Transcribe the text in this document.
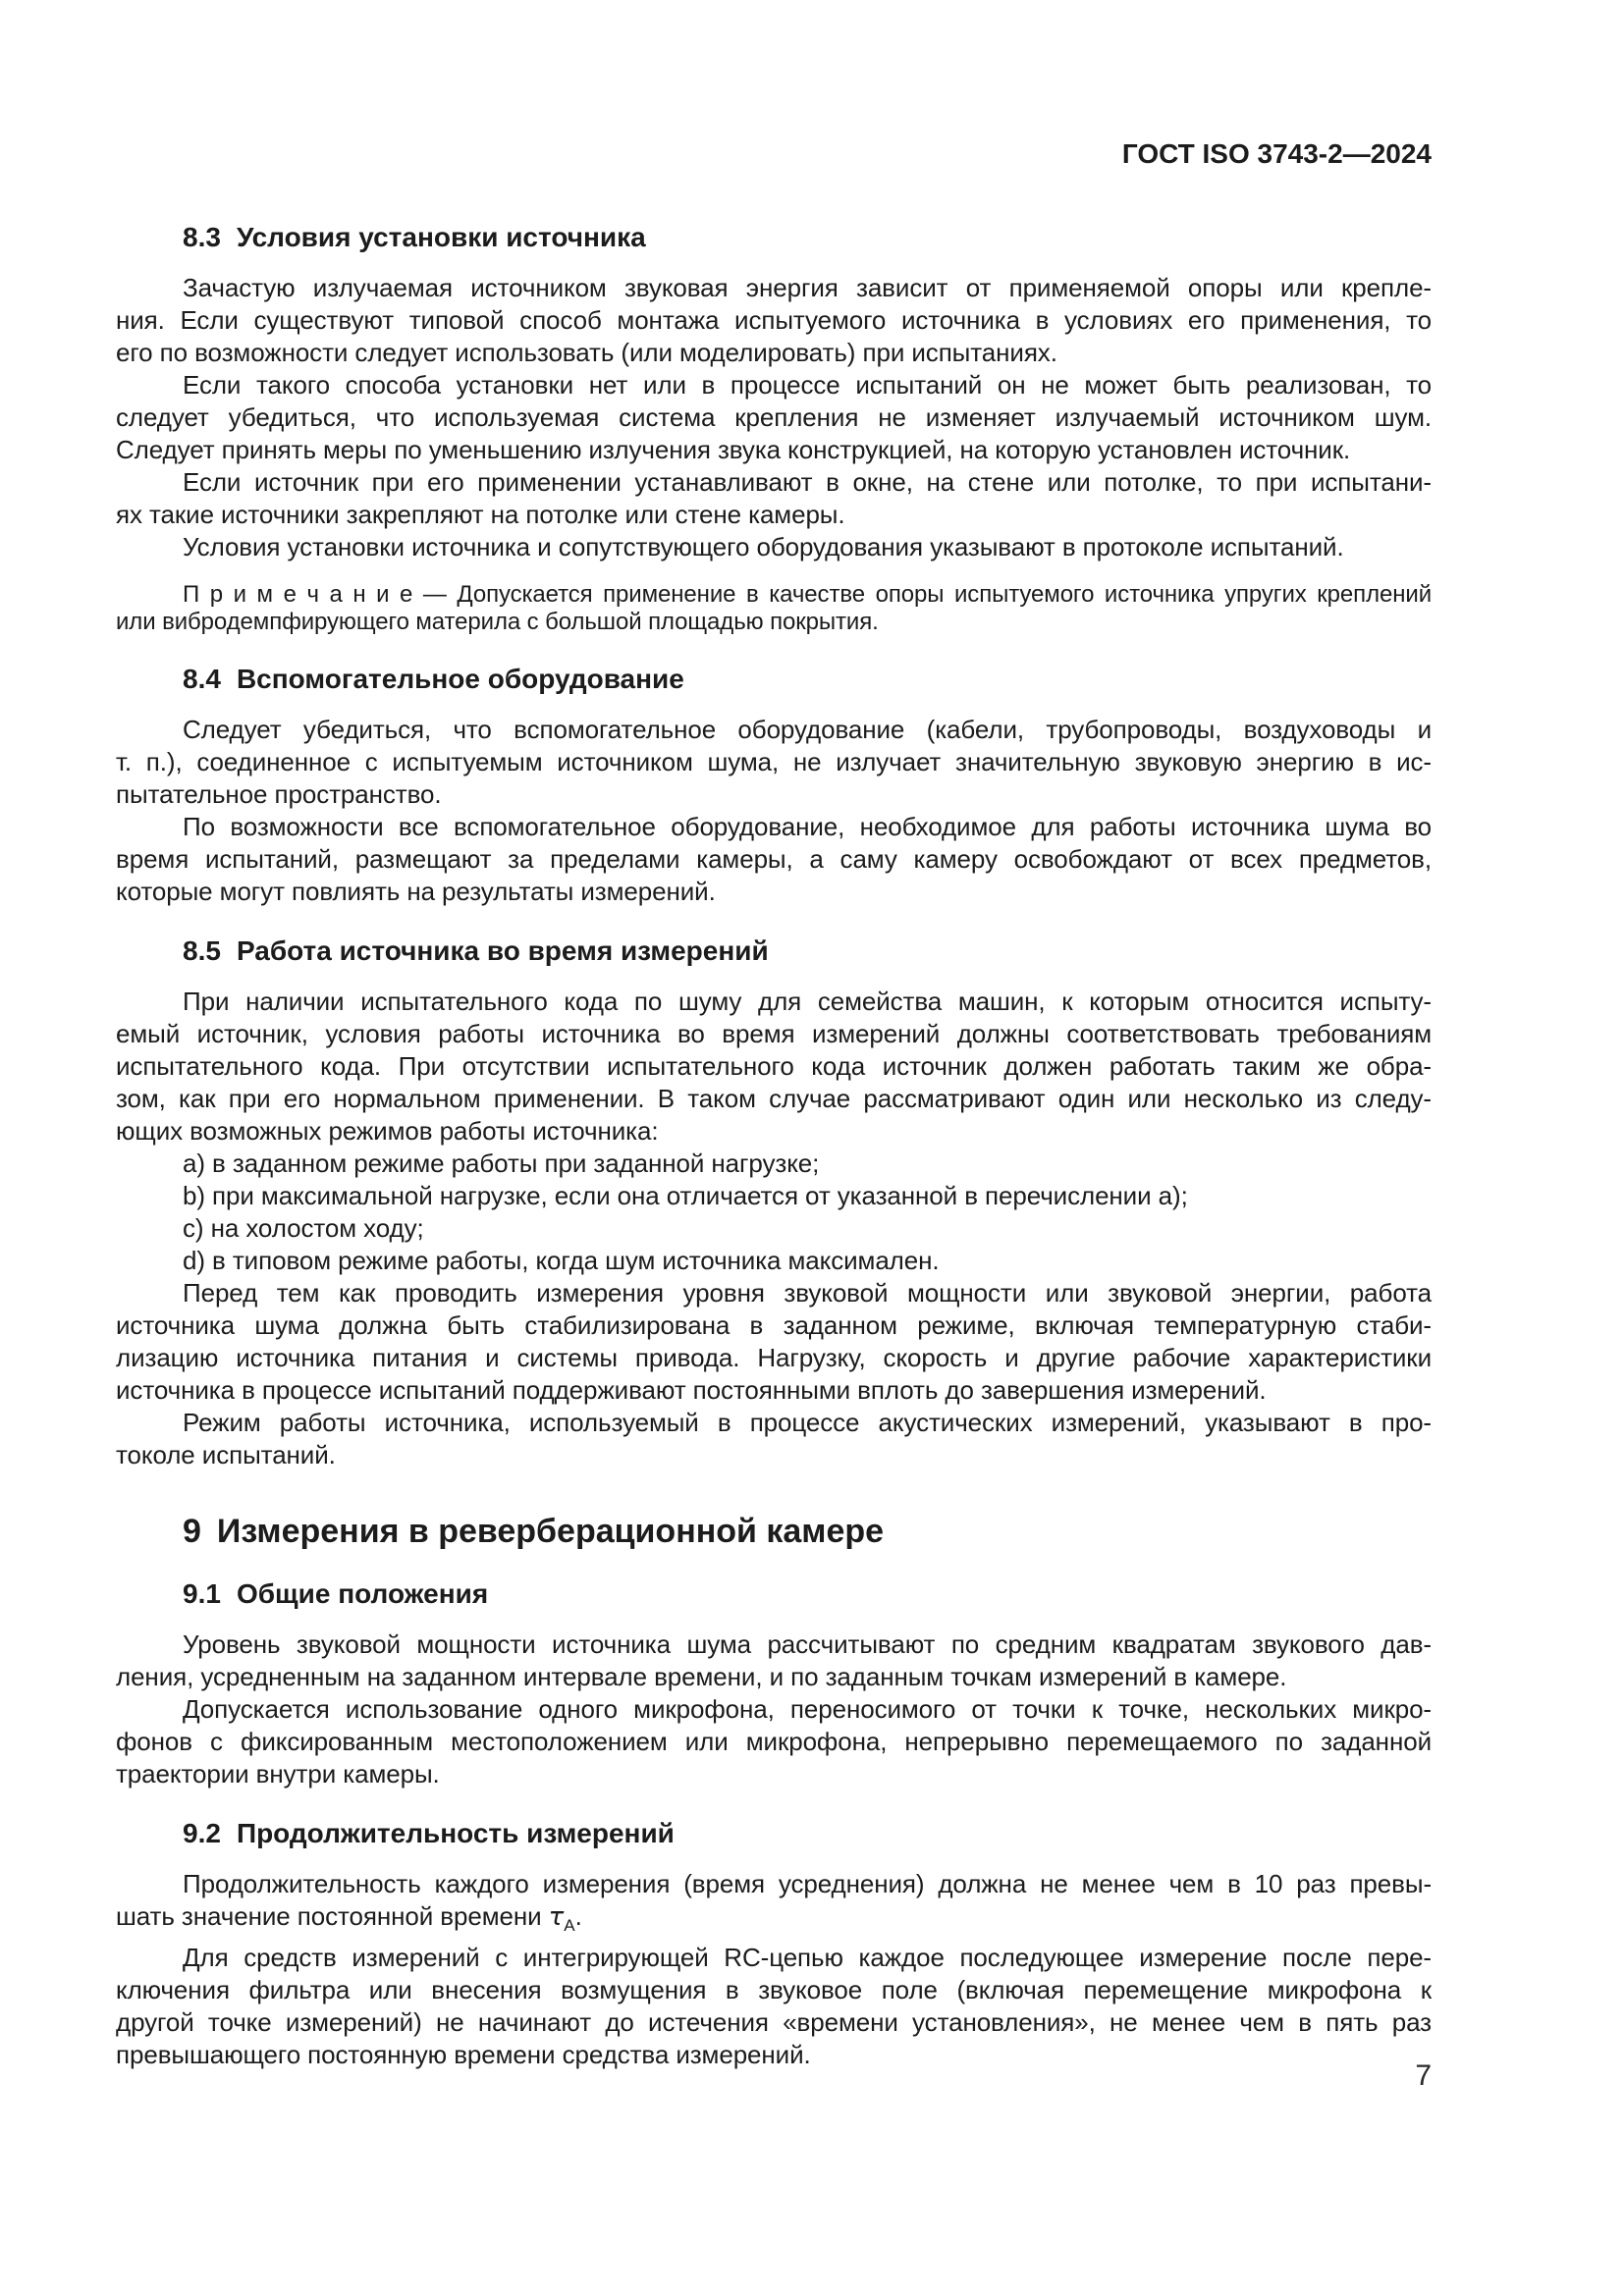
ГОСТ ISO 3743-2—2024
8.3 Условия установки источника
Зачастую излучаемая источником звуковая энергия зависит от применяемой опоры или крепле-
ния. Если существуют типовой способ монтажа испытуемого источника в условиях его применения, то
его по возможности следует использовать (или моделировать) при испытаниях.
Если такого способа установки нет или в процессе испытаний он не может быть реализован, то
следует убедиться, что используемая система крепления не изменяет излучаемый источником шум.
Следует принять меры по уменьшению излучения звука конструкцией, на которую установлен источник.
Если источник при его применении устанавливают в окне, на стене или потолке, то при испытани-
ях такие источники закрепляют на потолке или стене камеры.
Условия установки источника и сопутствующего оборудования указывают в протоколе испытаний.
П р и м е ч а н и е — Допускается применение в качестве опоры испытуемого источника упругих креплений
или вибродемпфирующего материла с большой площадью покрытия.
8.4 Вспомогательное оборудование
Следует убедиться, что вспомогательное оборудование (кабели, трубопроводы, воздуховоды и
т. п.), соединенное с испытуемым источником шума, не излучает значительную звуковую энергию в ис-
пытательное пространство.
По возможности все вспомогательное оборудование, необходимое для работы источника шума во
время испытаний, размещают за пределами камеры, а саму камеру освобождают от всех предметов,
которые могут повлиять на результаты измерений.
8.5 Работа источника во время измерений
При наличии испытательного кода по шуму для семейства машин, к которым относится испыту-
емый источник, условия работы источника во время измерений должны соответствовать требованиям
испытательного кода. При отсутствии испытательного кода источник должен работать таким же обра-
зом, как при его нормальном применении. В таком случае рассматривают один или несколько из следу-
ющих возможных режимов работы источника:
a) в заданном режиме работы при заданной нагрузке;
b) при максимальной нагрузке, если она отличается от указанной в перечислении a);
c) на холостом ходу;
d) в типовом режиме работы, когда шум источника максимален.
Перед тем как проводить измерения уровня звуковой мощности или звуковой энергии, работа
источника шума должна быть стабилизирована в заданном режиме, включая температурную стаби-
лизацию источника питания и системы привода. Нагрузку, скорость и другие рабочие характеристики
источника в процессе испытаний поддерживают постоянными вплоть до завершения измерений.
Режим работы источника, используемый в процессе акустических измерений, указывают в про-
токоле испытаний.
9 Измерения в реверберационной камере
9.1 Общие положения
Уровень звуковой мощности источника шума рассчитывают по средним квадратам звукового дав-
ления, усредненным на заданном интервале времени, и по заданным точкам измерений в камере.
Допускается использование одного микрофона, переносимого от точки к точке, нескольких микро-
фонов с фиксированным местоположением или микрофона, непрерывно перемещаемого по заданной
траектории внутри камеры.
9.2 Продолжительность измерений
Продолжительность каждого измерения (время усреднения) должна не менее чем в 10 раз превы-
шать значение постоянной времени $\tau_A$.
Для средств измерений с интегрирующей RC-цепью каждое последующее измерение после пере-
ключения фильтра или внесения возмущения в звуковое поле (включая перемещение микрофона к
другой точке измерений) не начинают до истечения «времени установления», не менее чем в пять раз
превышающего постоянную времени средства измерений.
7
